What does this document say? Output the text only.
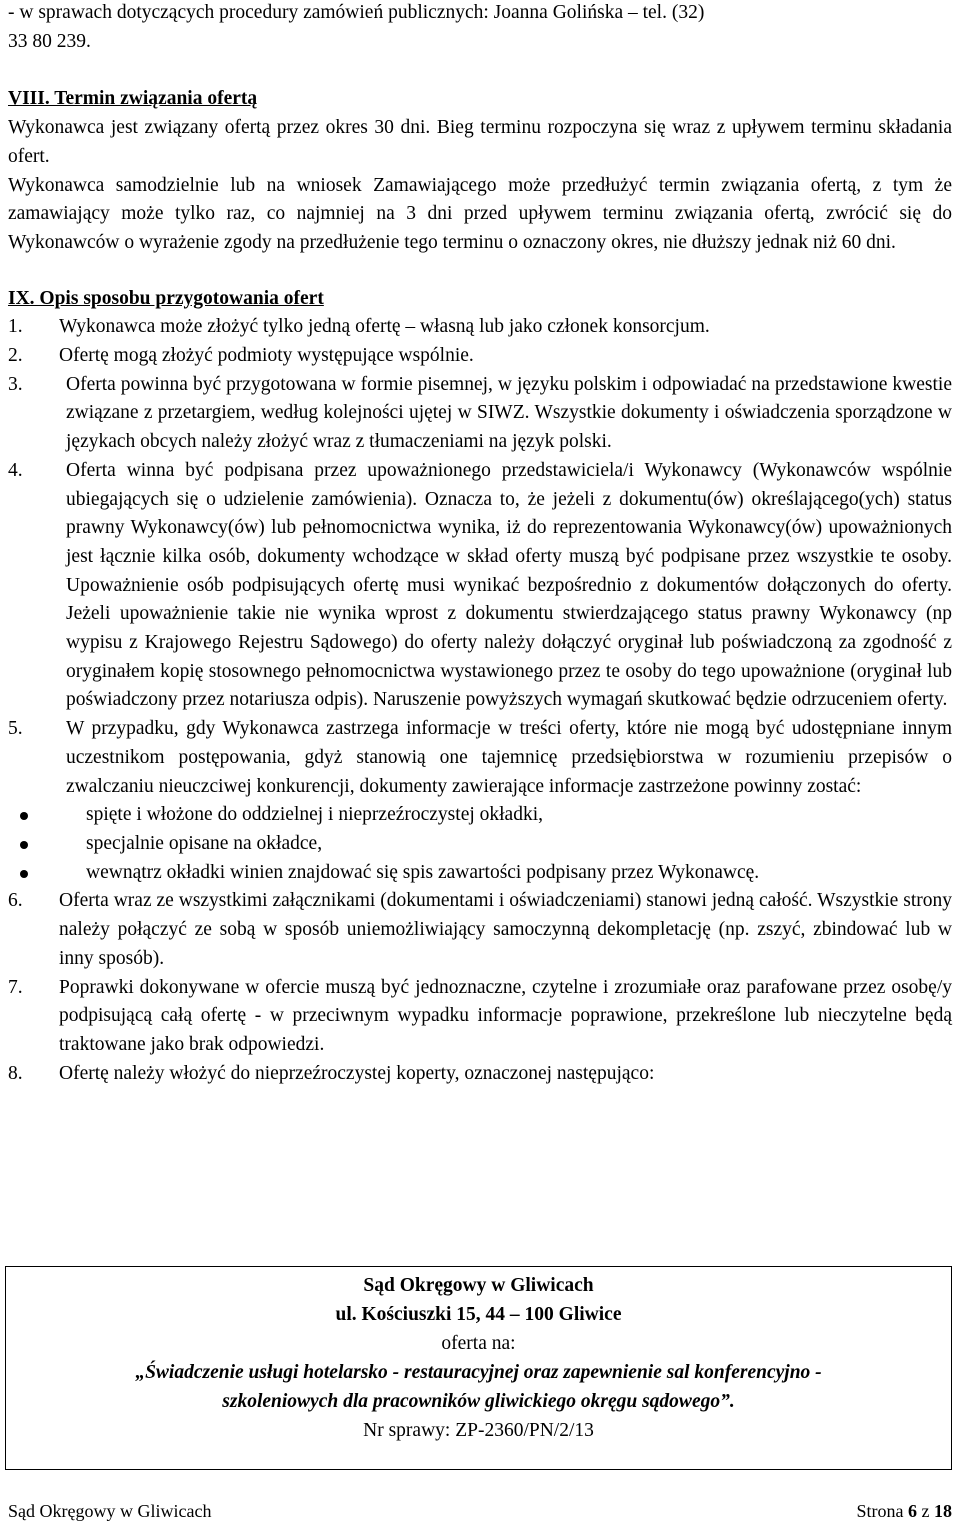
- w sprawach dotyczących procedury zamówień publicznych: Joanna Golińska – tel. (32)
33 80 239.

VIII. Termin związania ofertą

Wykonawca jest związany ofertą przez okres 30 dni. Bieg terminu rozpoczyna się wraz z upływem terminu składania ofert.

Wykonawca samodzielnie lub na wniosek Zamawiającego może przedłużyć termin związania ofertą, z tym że zamawiający może tylko raz, co najmniej na 3 dni przed upływem terminu związania ofertą, zwrócić się do Wykonawców o wyrażenie zgody na przedłużenie tego terminu o oznaczony okres, nie dłuższy jednak niż 60 dni.

IX. Opis sposobu przygotowania ofert

1. Wykonawca może złożyć tylko jedną ofertę – własną lub jako członek konsorcjum.
2. Ofertę mogą złożyć podmioty występujące wspólnie.
3. Oferta powinna być przygotowana w formie pisemnej, w języku polskim i odpowiadać na przedstawione kwestie związane z przetargiem, według kolejności ujętej w SIWZ. Wszystkie dokumenty i oświadczenia sporządzone w językach obcych należy złożyć wraz z tłumaczeniami na język polski.
4. Oferta winna być podpisana przez upoważnionego przedstawiciela/i Wykonawcy (Wykonawców wspólnie ubiegających się o udzielenie zamówienia). Oznacza to, że jeżeli z dokumentu(ów) określającego(ych) status prawny Wykonawcy(ów) lub pełnomocnictwa wynika, iż do reprezentowania Wykonawcy(ów) upoważnionych jest łącznie kilka osób, dokumenty wchodzące w skład oferty muszą być podpisane przez wszystkie te osoby. Upoważnienie osób podpisujących ofertę musi wynikać bezpośrednio z dokumentów dołączonych do oferty. Jeżeli upoważnienie takie nie wynika wprost z dokumentu stwierdzającego status prawny Wykonawcy (np wypisu z Krajowego Rejestru Sądowego) do oferty należy dołączyć oryginał lub poświadczoną za zgodność z oryginałem kopię stosownego pełnomocnictwa wystawionego przez te osoby do tego upoważnione (oryginał lub poświadczony przez notariusza odpis). Naruszenie powyższych wymagań skutkować będzie odrzuceniem oferty.
5. W przypadku, gdy Wykonawca zastrzega informacje w treści oferty, które nie mogą być udostępniane innym uczestnikom postępowania, gdyż stanowią one tajemnicę przedsiębiorstwa w rozumieniu przepisów o zwalczaniu nieuczciwej konkurencji, dokumenty zawierające informacje zastrzeżone powinny zostać:
spięte i włożone do oddzielnej i nieprzeźroczystej okładki,
specjalnie opisane na okładce,
wewnątrz okładki winien znajdować się spis zawartości podpisany przez Wykonawcę.
6. Oferta wraz ze wszystkimi załącznikami (dokumentami i oświadczeniami) stanowi jedną całość. Wszystkie strony należy połączyć ze sobą w sposób uniemożliwiający samoczynną dekompletację (np. zszyć, zbindować lub w inny sposób).
7. Poprawki dokonywane w ofercie muszą być jednoznaczne, czytelne i zrozumiałe oraz parafowane przez osobę/y podpisującą całą ofertę - w przeciwnym wypadku informacje poprawione, przekreślone lub nieczytelne będą traktowane jako brak odpowiedzi.
8. Ofertę należy włożyć do nieprzeźroczystej koperty, oznaczonej następująco:

Sąd Okręgowy w Gliwicach

ul. Kościuszki 15, 44 – 100 Gliwice

oferta na:

„Świadczenie usługi hotelarsko - restauracyjnej oraz zapewnienie sal konferencyjno -

szkoleniowych dla pracowników gliwickiego okręgu sądowego”.

Nr sprawy: ZP-2360/PN/2/13

Sąd Okręgowy w Gliwicach	Strona 6 z 18
